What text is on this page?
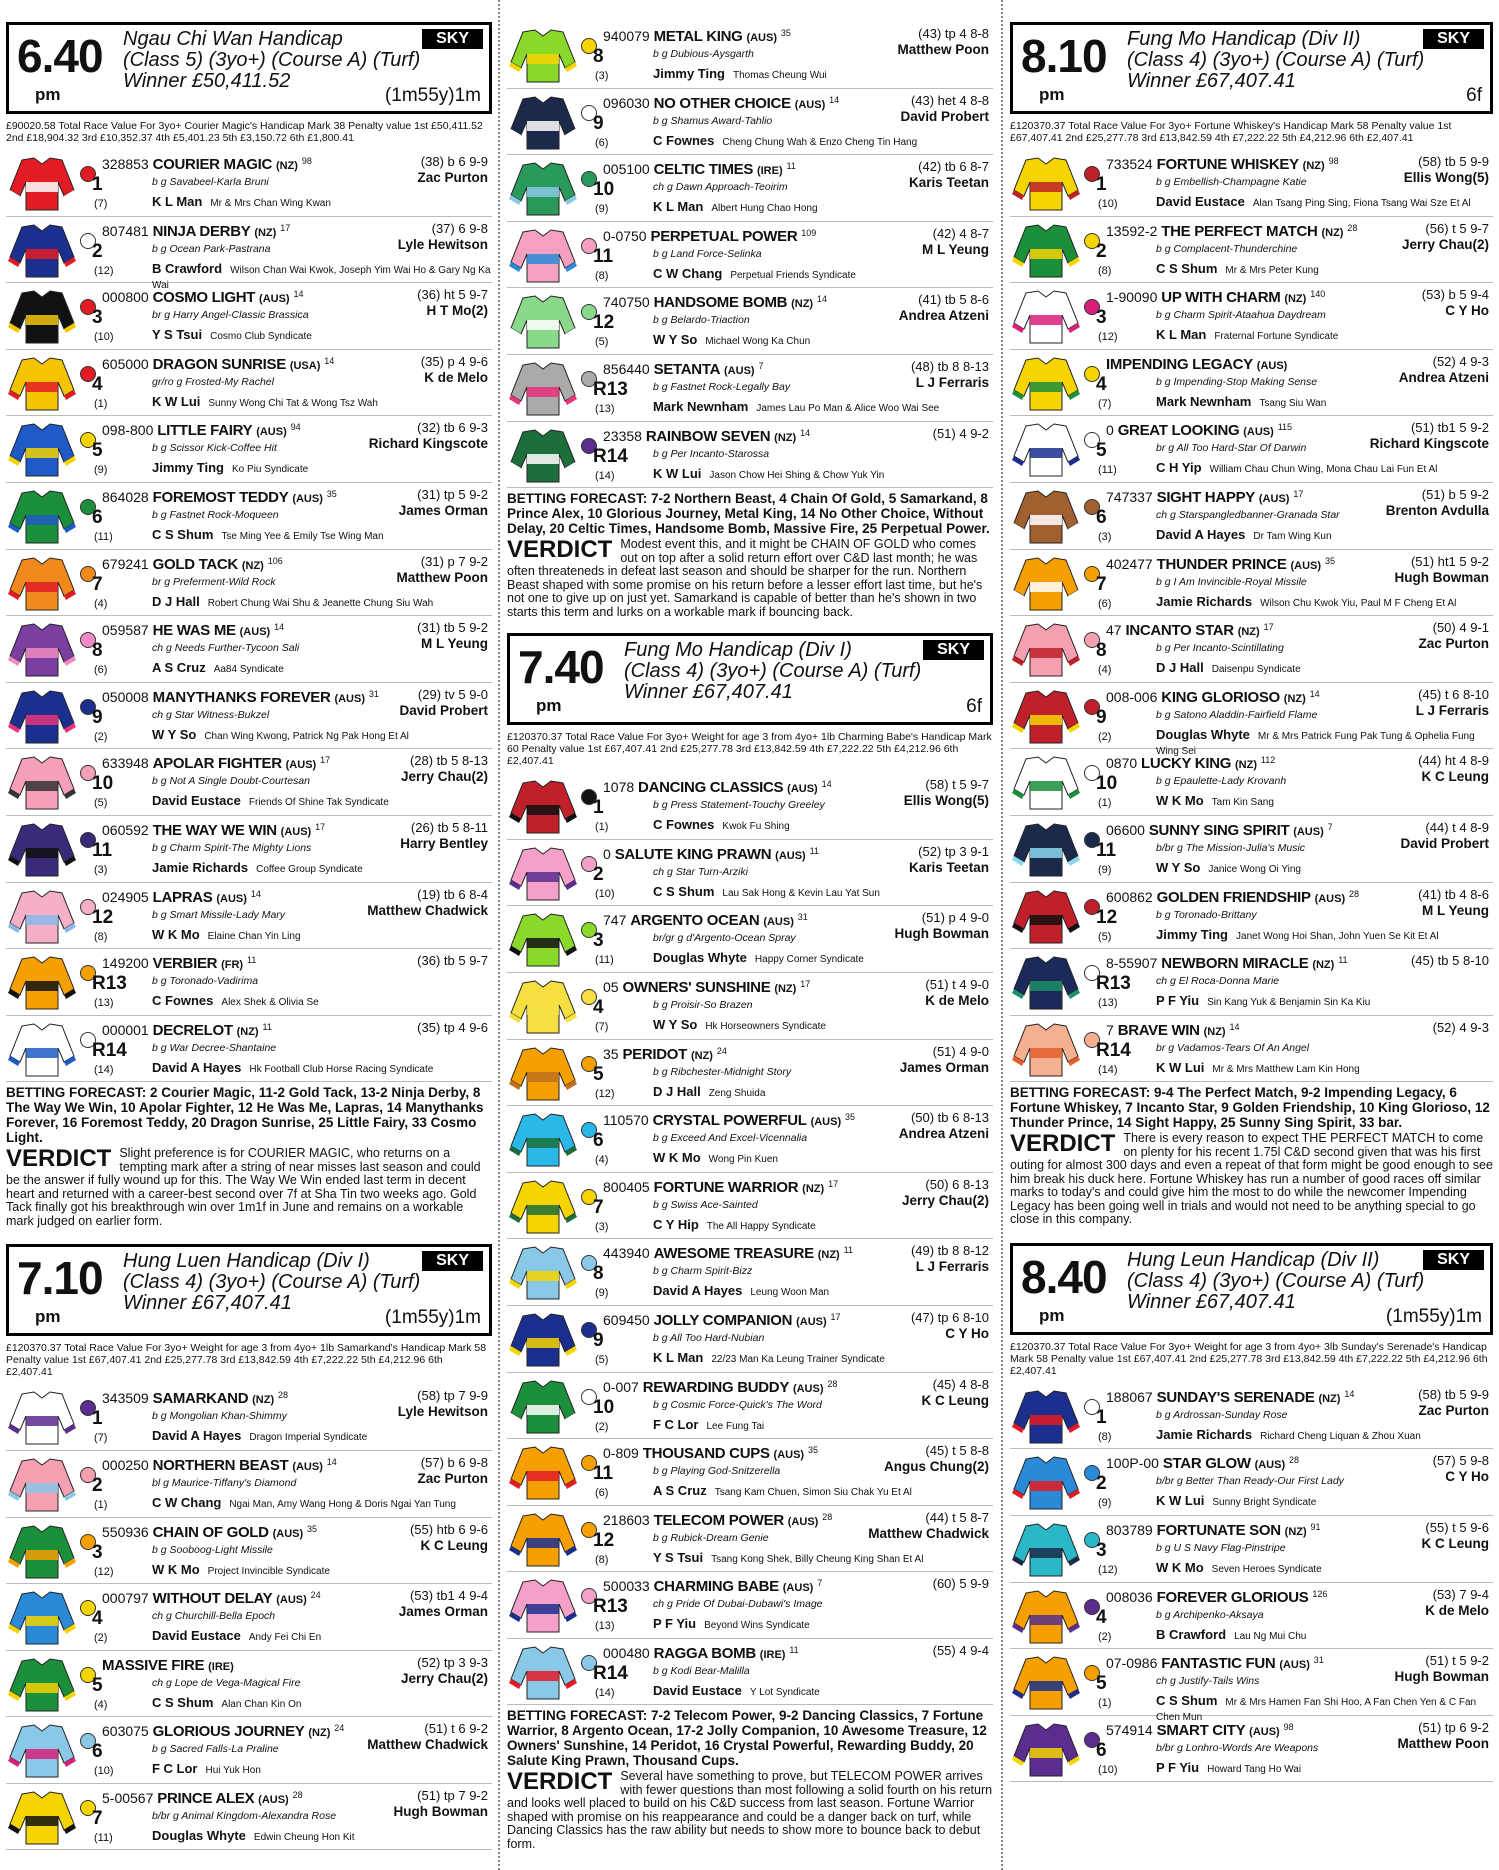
6.40
pm
Ngau Chi Wan Handicap
(Class 5) (3yo+) (Course A) (Turf)
Winner £50,411.52
SKY
(1m55y)1m
£90020.58 Total Race Value For 3yo+ Courier Magic's Handicap Mark 38 Penalty value 1st £50,411.52 2nd £18,904.32 3rd £10,352.37 4th £5,401.23 5th £3,150.72 6th £1,800.41
1
(7)
328853 COURIER MAGIC (NZ) $^{98}$	(38) b 6 9-9
Zac Purton
b g Savabeel-Karla Bruni
K L Man Mr & Mrs Chan Wing Kwan
2
(12)
807481 NINJA DERBY (NZ) $^{17}$	(37) 6 9-8
Lyle Hewitson
b g Ocean Park-Pastrana
B Crawford Wilson Chan Wai Kwok, Joseph Yim Wai Ho & Gary Ng Ka Wai
3
(10)
000800 COSMO LIGHT (AUS) $^{14}$	(36) ht 5 9-7
H T Mo(2)
br g Harry Angel-Classic Brassica
Y S Tsui Cosmo Club Syndicate
4
(1)
605000 DRAGON SUNRISE (USA) $^{14}$	(35) p 4 9-6
K de Melo
gr/ro g Frosted-My Rachel
K W Lui Sunny Wong Chi Tat & Wong Tsz Wah
5
(9)
098-800 LITTLE FAIRY (AUS) $^{94}$	(32) tb 6 9-3
Richard Kingscote
b g Scissor Kick-Coffee Hit
Jimmy Ting Ko Piu Syndicate
6
(11)
864028 FOREMOST TEDDY (AUS) $^{35}$	(31) tp 5 9-2
James Orman
b g Fastnet Rock-Moqueen
C S Shum Tse Ming Yee & Emily Tse Wing Man
7
(4)
679241 GOLD TACK (NZ) $^{106}$	(31) p 7 9-2
Matthew Poon
br g Preferment-Wild Rock
D J Hall Robert Chung Wai Shu & Jeanette Chung Siu Wah
8
(6)
059587 HE WAS ME (AUS) $^{14}$	(31) tb 5 9-2
M L Yeung
ch g Needs Further-Tycoon Sali
A S Cruz Aa84 Syndicate
9
(2)
050008 MANYTHANKS FOREVER (AUS) $^{31}$	(29) tv 5 9-0
David Probert
ch g Star Witness-Bukzel
W Y So Chan Wing Kwong, Patrick Ng Pak Hong Et Al
10
(5)
633948 APOLAR FIGHTER (AUS) $^{17}$	(28) tb 5 8-13
Jerry Chau(2)
b g Not A Single Doubt-Courtesan
David Eustace Friends Of Shine Tak Syndicate
11
(3)
060592 THE WAY WE WIN (AUS) $^{17}$	(26) tb 5 8-11
Harry Bentley
b g Charm Spirit-The Mighty Lions
Jamie Richards Coffee Group Syndicate
12
(8)
024905 LAPRAS (AUS) $^{14}$	(19) tb 6 8-4
Matthew Chadwick
b g Smart Missile-Lady Mary
W K Mo Elaine Chan Yin Ling
R13
(13)
149200 VERBIER (FR) $^{11}$	(36) tb 5 9-7
b g Toronado-Vadirima
C Fownes Alex Shek & Olivia Se
R14
(14)
000001 DECRELOT (NZ) $^{11}$	(35) tp 4 9-6
b g War Decree-Shantaine
David A Hayes Hk Football Club Horse Racing Syndicate
BETTING FORECAST: 2 Courier Magic, 11-2 Gold Tack, 13-2 Ninja Derby, 8 The Way We Win, 10 Apolar Fighter, 12 He Was Me, Lapras, 14 Manythanks Forever, 16 Foremost Teddy, 20 Dragon Sunrise, 25 Little Fairy, 33 Cosmo Light.
VERDICT Slight preference is for COURIER MAGIC, who returns on a tempting mark after a string of near misses last season and could be the answer if fully wound up for this. The Way We Win ended last term in decent heart and returned with a career-best second over 7f at Sha Tin two weeks ago. Gold Tack finally got his breakthrough win over 1m1f in June and remains on a workable mark judged on earlier form.
7.10
pm
Hung Luen Handicap (Div I)
(Class 4) (3yo+) (Course A) (Turf)
Winner £67,407.41
SKY
(1m55y)1m
£120370.37 Total Race Value For 3yo+ Weight for age 3 from 4yo+ 1lb Samarkand's Handicap Mark 58 Penalty value 1st £67,407.41 2nd £25,277.78 3rd £13,842.59 4th £7,222.22 5th £4,212.96 6th £2,407.41
1
(7)
343509 SAMARKAND (NZ) $^{28}$	(58) tp 7 9-9
Lyle Hewitson
b g Mongolian Khan-Shimmy
David A Hayes Dragon Imperial Syndicate
2
(1)
000250 NORTHERN BEAST (AUS) $^{14}$	(57) b 6 9-8
Zac Purton
bl g Maurice-Tiffany's Diamond
C W Chang Ngai Man, Amy Wang Hong & Doris Ngai Yan Tung
3
(12)
550936 CHAIN OF GOLD (AUS) $^{35}$	(55) htb 6 9-6
K C Leung
b g Sooboog-Light Missile
W K Mo Project Invincible Syndicate
4
(2)
000797 WITHOUT DELAY (AUS) $^{24}$	(53) tb1 4 9-4
James Orman
ch g Churchill-Bella Epoch
David Eustace Andy Fei Chi En
5
(4)
MASSIVE FIRE (IRE)	(52) tp 3 9-3
Jerry Chau(2)
ch g Lope de Vega-Magical Fire
C S Shum Alan Chan Kin On
6
(10)
603075 GLORIOUS JOURNEY (NZ) $^{24}$	(51) t 6 9-2
Matthew Chadwick
b g Sacred Falls-La Praline
F C Lor Hui Yuk Hon
7
(11)
5-00567 PRINCE ALEX (AUS) $^{28}$	(51) tp 7 9-2
Hugh Bowman
b/br g Animal Kingdom-Alexandra Rose
Douglas Whyte Edwin Cheung Hon Kit
8
(3)
940079 METAL KING (AUS) $^{35}$	(43) tp 4 8-8
Matthew Poon
b g Dubious-Aysgarth
Jimmy Ting Thomas Cheung Wui
9
(6)
096030 NO OTHER CHOICE (AUS) $^{14}$	(43) het 4 8-8
David Probert
b g Shamus Award-Tahlio
C Fownes Cheng Chung Wah & Enzo Cheng Tin Hang
10
(9)
005100 CELTIC TIMES (IRE) $^{11}$	(42) tb 6 8-7
Karis Teetan
ch g Dawn Approach-Teoirim
K L Man Albert Hung Chao Hong
11
(8)
0-0750 PERPETUAL POWER $^{109}$	(42) 4 8-7
M L Yeung
b g Land Force-Selinka
C W Chang Perpetual Friends Syndicate
12
(5)
740750 HANDSOME BOMB (NZ) $^{14}$	(41) tb 5 8-6
Andrea Atzeni
b g Belardo-Triaction
W Y So Michael Wong Ka Chun
R13
(13)
856440 SETANTA (AUS) $^7$	(48) tb 8 8-13
L J Ferraris
b g Fastnet Rock-Legally Bay
Mark Newnham James Lau Po Man & Alice Woo Wai See
R14
(14)
23358 RAINBOW SEVEN (NZ) $^{14}$	(51) 4 9-2
b g Per Incanto-Starossa
K W Lui Jason Chow Hei Shing & Chow Yuk Yin
BETTING FORECAST: 7-2 Northern Beast, 4 Chain Of Gold, 5 Samarkand, 8 Prince Alex, 10 Glorious Journey, Metal King, 14 No Other Choice, Without Delay, 20 Celtic Times, Handsome Bomb, Massive Fire, 25 Perpetual Power.
VERDICT Modest event this, and it might be CHAIN OF GOLD who comes out on top after a solid return effort over C&D last month; he was often threateneds in defeat last season and should be sharper for the run. Northern Beast shaped with some promise on his return before a lesser effort last time, but he's not one to give up on just yet. Samarkand is capable of better than he's shown in two starts this term and lurks on a workable mark if bouncing back.
7.40
pm
Fung Mo Handicap (Div I)
(Class 4) (3yo+) (Course A) (Turf)
Winner £67,407.41
SKY
6f
£120370.37 Total Race Value For 3yo+ Weight for age 3 from 4yo+ 1lb Charming Babe's Handicap Mark 60 Penalty value 1st £67,407.41 2nd £25,277.78 3rd £13,842.59 4th £7,222.22 5th £4,212.96 6th £2,407.41
1
(1)
1078 DANCING CLASSICS (AUS) $^{14}$	(58) t 5 9-7
Ellis Wong(5)
b g Press Statement-Touchy Greeley
C Fownes Kwok Fu Shing
2
(10)
0 SALUTE KING PRAWN (AUS) $^{11}$	(52) tp 3 9-1
Karis Teetan
ch g Star Turn-Arziki
C S Shum Lau Sak Hong & Kevin Lau Yat Sun
3
(11)
747 ARGENTO OCEAN (AUS) $^{31}$	(51) p 4 9-0
Hugh Bowman
br/gr g d'Argento-Ocean Spray
Douglas Whyte Happy Corner Syndicate
4
(7)
05 OWNERS' SUNSHINE (NZ) $^{17}$	(51) t 4 9-0
K de Melo
b g Proisir-So Brazen
W Y So Hk Horseowners Syndicate
5
(12)
35 PERIDOT (NZ) $^{24}$	(51) 4 9-0
James Orman
b g Ribchester-Midnight Story
D J Hall Zeng Shuida
6
(4)
110570 CRYSTAL POWERFUL (AUS) $^{35}$	(50) tb 6 8-13
Andrea Atzeni
b g Exceed And Excel-Vicennalia
W K Mo Wong Pin Kuen
7
(3)
800405 FORTUNE WARRIOR (NZ) $^{17}$	(50) 6 8-13
Jerry Chau(2)
b g Swiss Ace-Sainted
C Y Hip The All Happy Syndicate
8
(9)
443940 AWESOME TREASURE (NZ) $^{11}$	(49) tb 8 8-12
L J Ferraris
b g Charm Spirit-Bizz
David A Hayes Leung Woon Man
9
(5)
609450 JOLLY COMPANION (AUS) $^{17}$	(47) tp 6 8-10
C Y Ho
b g All Too Hard-Nubian
K L Man 22/23 Man Ka Leung Trainer Syndicate
10
(2)
0-007 REWARDING BUDDY (AUS) $^{28}$	(45) 4 8-8
K C Leung
b g Cosmic Force-Quick's The Word
F C Lor Lee Fung Tai
11
(6)
0-809 THOUSAND CUPS (AUS) $^{35}$	(45) t 5 8-8
Angus Chung(2)
b g Playing God-Snitzerella
A S Cruz Tsang Kam Chuen, Simon Siu Chak Yu Et Al
12
(8)
218603 TELECOM POWER (AUS) $^{28}$	(44) t 5 8-7
Matthew Chadwick
b g Rubick-Dream Genie
Y S Tsui Tsang Kong Shek, Billy Cheung King Shan Et Al
R13
(13)
500033 CHARMING BABE (AUS) $^7$	(60) 5 9-9
ch g Pride Of Dubai-Dubawi's Image
P F Yiu Beyond Wins Syndicate
R14
(14)
000480 RAGGA BOMB (IRE) $^{11}$	(55) 4 9-4
b g Kodi Bear-Malilla
David Eustace Y Lot Syndicate
BETTING FORECAST: 7-2 Telecom Power, 9-2 Dancing Classics, 7 Fortune Warrior, 8 Argento Ocean, 17-2 Jolly Companion, 10 Awesome Treasure, 12 Owners' Sunshine, 14 Peridot, 16 Crystal Powerful, Rewarding Buddy, 20 Salute King Prawn, Thousand Cups.
VERDICT Several have something to prove, but TELECOM POWER arrives with fewer questions than most following a solid fourth on his return and looks well placed to build on his C&D success from last season. Fortune Warrior shaped with promise on his reappearance and could be a danger back on turf, while Dancing Classics has the raw ability but needs to show more to bounce back to debut form.
8.10
pm
Fung Mo Handicap (Div II)
(Class 4) (3yo+) (Course A) (Turf)
Winner £67,407.41
SKY
6f
£120370.37 Total Race Value For 3yo+ Fortune Whiskey's Handicap Mark 58 Penalty value 1st £67,407.41 2nd £25,277.78 3rd £13,842.59 4th £7,222.22 5th £4,212.96 6th £2,407.41
1
(10)
733524 FORTUNE WHISKEY (NZ) $^{98}$	(58) tb 5 9-9
Ellis Wong(5)
b g Embellish-Champagne Katie
David Eustace Alan Tsang Ping Sing, Fiona Tsang Wai Sze Et Al
2
(8)
13592-2 THE PERFECT MATCH (NZ) $^{28}$	(56) t 5 9-7
Jerry Chau(2)
b g Complacent-Thunderchine
C S Shum Mr & Mrs Peter Kung
3
(12)
1-90090 UP WITH CHARM (NZ) $^{140}$	(53) b 5 9-4
C Y Ho
b g Charm Spirit-Ataahua Daydream
K L Man Fraternal Fortune Syndicate
4
(7)
IMPENDING LEGACY (AUS)	(52) 4 9-3
Andrea Atzeni
b g Impending-Stop Making Sense
Mark Newnham Tsang Siu Wan
5
(11)
0 GREAT LOOKING (AUS) $^{115}$	(51) tb1 5 9-2
Richard Kingscote
br g All Too Hard-Star Of Darwin
C H Yip William Chau Chun Wing, Mona Chau Lai Fun Et Al
6
(3)
747337 SIGHT HAPPY (AUS) $^{17}$	(51) b 5 9-2
Brenton Avdulla
ch g Starspangledbanner-Granada Star
David A Hayes Dr Tam Wing Kun
7
(6)
402477 THUNDER PRINCE (AUS) $^{35}$	(51) ht1 5 9-2
Hugh Bowman
b g I Am Invincible-Royal Missile
Jamie Richards Wilson Chu Kwok Yiu, Paul M F Cheng Et Al
8
(4)
47 INCANTO STAR (NZ) $^{17}$	(50) 4 9-1
Zac Purton
b g Per Incanto-Scintillating
D J Hall Daisenpu Syndicate
9
(2)
008-006 KING GLORIOSO (NZ) $^{14}$	(45) t 6 8-10
L J Ferraris
b g Satono Aladdin-Fairfield Flame
Douglas Whyte Mr & Mrs Patrick Fung Pak Tung & Ophelia Fung Wing Sei
10
(1)
0870 LUCKY KING (NZ) $^{112}$	(44) ht 4 8-9
K C Leung
b g Epaulette-Lady Krovanh
W K Mo Tam Kin Sang
11
(9)
06600 SUNNY SING SPIRIT (AUS) $^7$	(44) t 4 8-9
David Probert
b/br g The Mission-Julia's Music
W Y So Janice Wong Oi Ying
12
(5)
600862 GOLDEN FRIENDSHIP (AUS) $^{28}$	(41) tb 4 8-6
M L Yeung
b g Toronado-Brittany
Jimmy Ting Janet Wong Hoi Shan, John Yuen Se Kit Et Al
R13
(13)
8-55907 NEWBORN MIRACLE (NZ) $^{11}$	(45) tb 5 8-10
ch g El Roca-Donna Marie
P F Yiu Sin Kang Yuk & Benjamin Sin Ka Kiu
R14
(14)
7 BRAVE WIN (NZ) $^{14}$	(52) 4 9-3
br g Vadamos-Tears Of An Angel
K W Lui Mr & Mrs Matthew Lam Kin Hong
BETTING FORECAST: 9-4 The Perfect Match, 9-2 Impending Legacy, 6 Fortune Whiskey, 7 Incanto Star, 9 Golden Friendship, 10 King Glorioso, 12 Thunder Prince, 14 Sight Happy, 25 Sunny Sing Spirit, 33 bar.
VERDICT There is every reason to expect THE PERFECT MATCH to come on plenty for his recent 1.75l C&D second given that was his first outing for almost 300 days and even a repeat of that form might be good enough to see him break his duck here. Fortune Whiskey has run a number of good races off similar marks to today's and could give him the most to do while the newcomer Impending Legacy has been going well in trials and would not need to be anything special to go close in this company.
8.40
pm
Hung Leun Handicap (Div II)
(Class 4) (3yo+) (Course A) (Turf)
Winner £67,407.41
SKY
(1m55y)1m
£120370.37 Total Race Value For 3yo+ Weight for age 3 from 4yo+ 3lb Sunday's Serenade's Handicap Mark 58 Penalty value 1st £67,407.41 2nd £25,277.78 3rd £13,842.59 4th £7,222.22 5th £4,212.96 6th £2,407.41
1
(8)
188067 SUNDAY'S SERENADE (NZ) $^{14}$	(58) tb 5 9-9
Zac Purton
b g Ardrossan-Sunday Rose
Jamie Richards Richard Cheng Liquan & Zhou Xuan
2
(9)
100P-00 STAR GLOW (AUS) $^{28}$	(57) 5 9-8
C Y Ho
b/br g Better Than Ready-Our First Lady
K W Lui Sunny Bright Syndicate
3
(12)
803789 FORTUNATE SON (NZ) $^{91}$	(55) t 5 9-6
K C Leung
b g U S Navy Flag-Pinstripe
W K Mo Seven Heroes Syndicate
4
(2)
008036 FOREVER GLORIOUS $^{126}$	(53) 7 9-4
K de Melo
b g Archipenko-Aksaya
B Crawford Lau Ng Mui Chu
5
(1)
07-0986 FANTASTIC FUN (AUS) $^{31}$	(51) t 5 9-2
Hugh Bowman
ch g Justify-Tails Wins
C S Shum Mr & Mrs Hamen Fan Shi Hoo, A Fan Chen Yen & C Fan Chen Mun
6
(10)
574914 SMART CITY (AUS) $^{98}$	(51) tp 6 9-2
Matthew Poon
b/br g Lonhro-Words Are Weapons
P F Yiu Howard Tang Ho Wai
